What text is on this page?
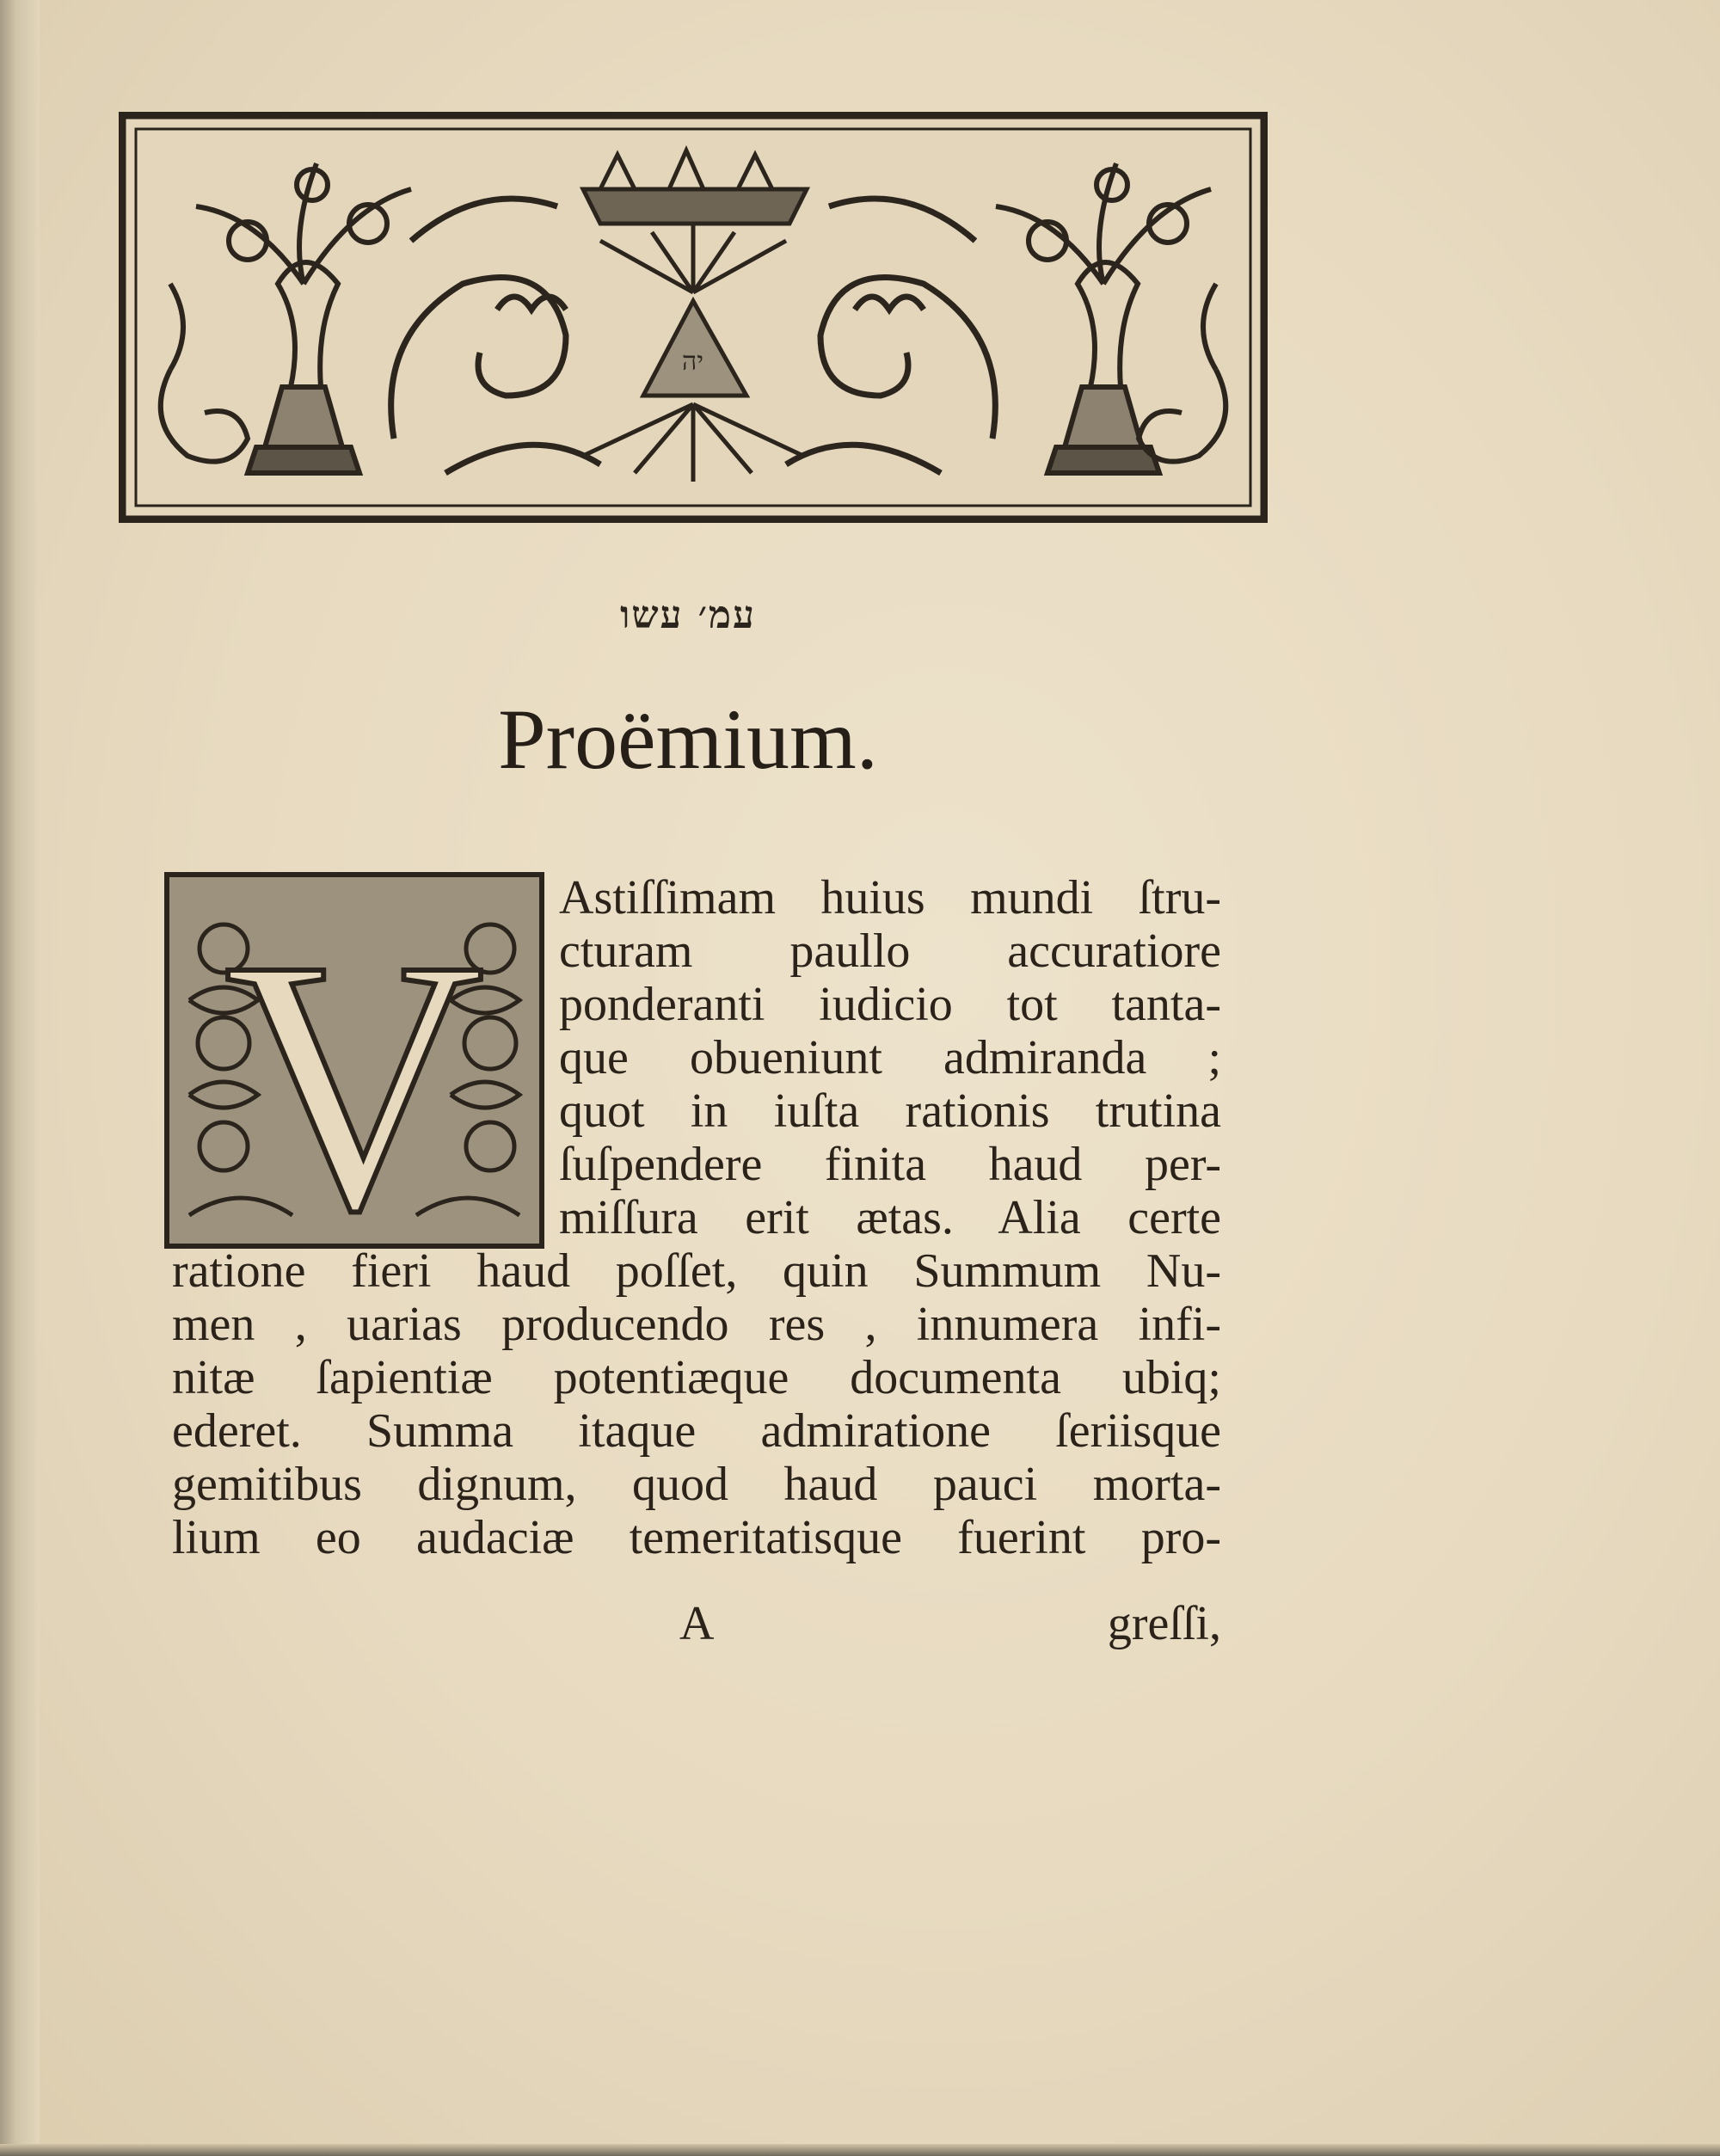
יה
עמ׳ עשו
Proëmium.
V Astiſſimam huius mundi ſtru-
cturam paullo accuratiore
ponderanti iudicio tot tanta-
que obueniunt admiranda ;
quot in iuſta rationis trutina
ſuſpendere finita haud per-
miſſura erit ætas. Alia certe
ratione fieri haud poſſet, quin Summum Nu-
men , uarias producendo res , innumera infi-
nitæ ſapientiæ potentiæque documenta ubiq;
ederet. Summa itaque admiratione ſeriisque
gemitibus dignum, quod haud pauci morta-
lium eo audaciæ temeritatisque fuerint pro-
A	greſſi,
